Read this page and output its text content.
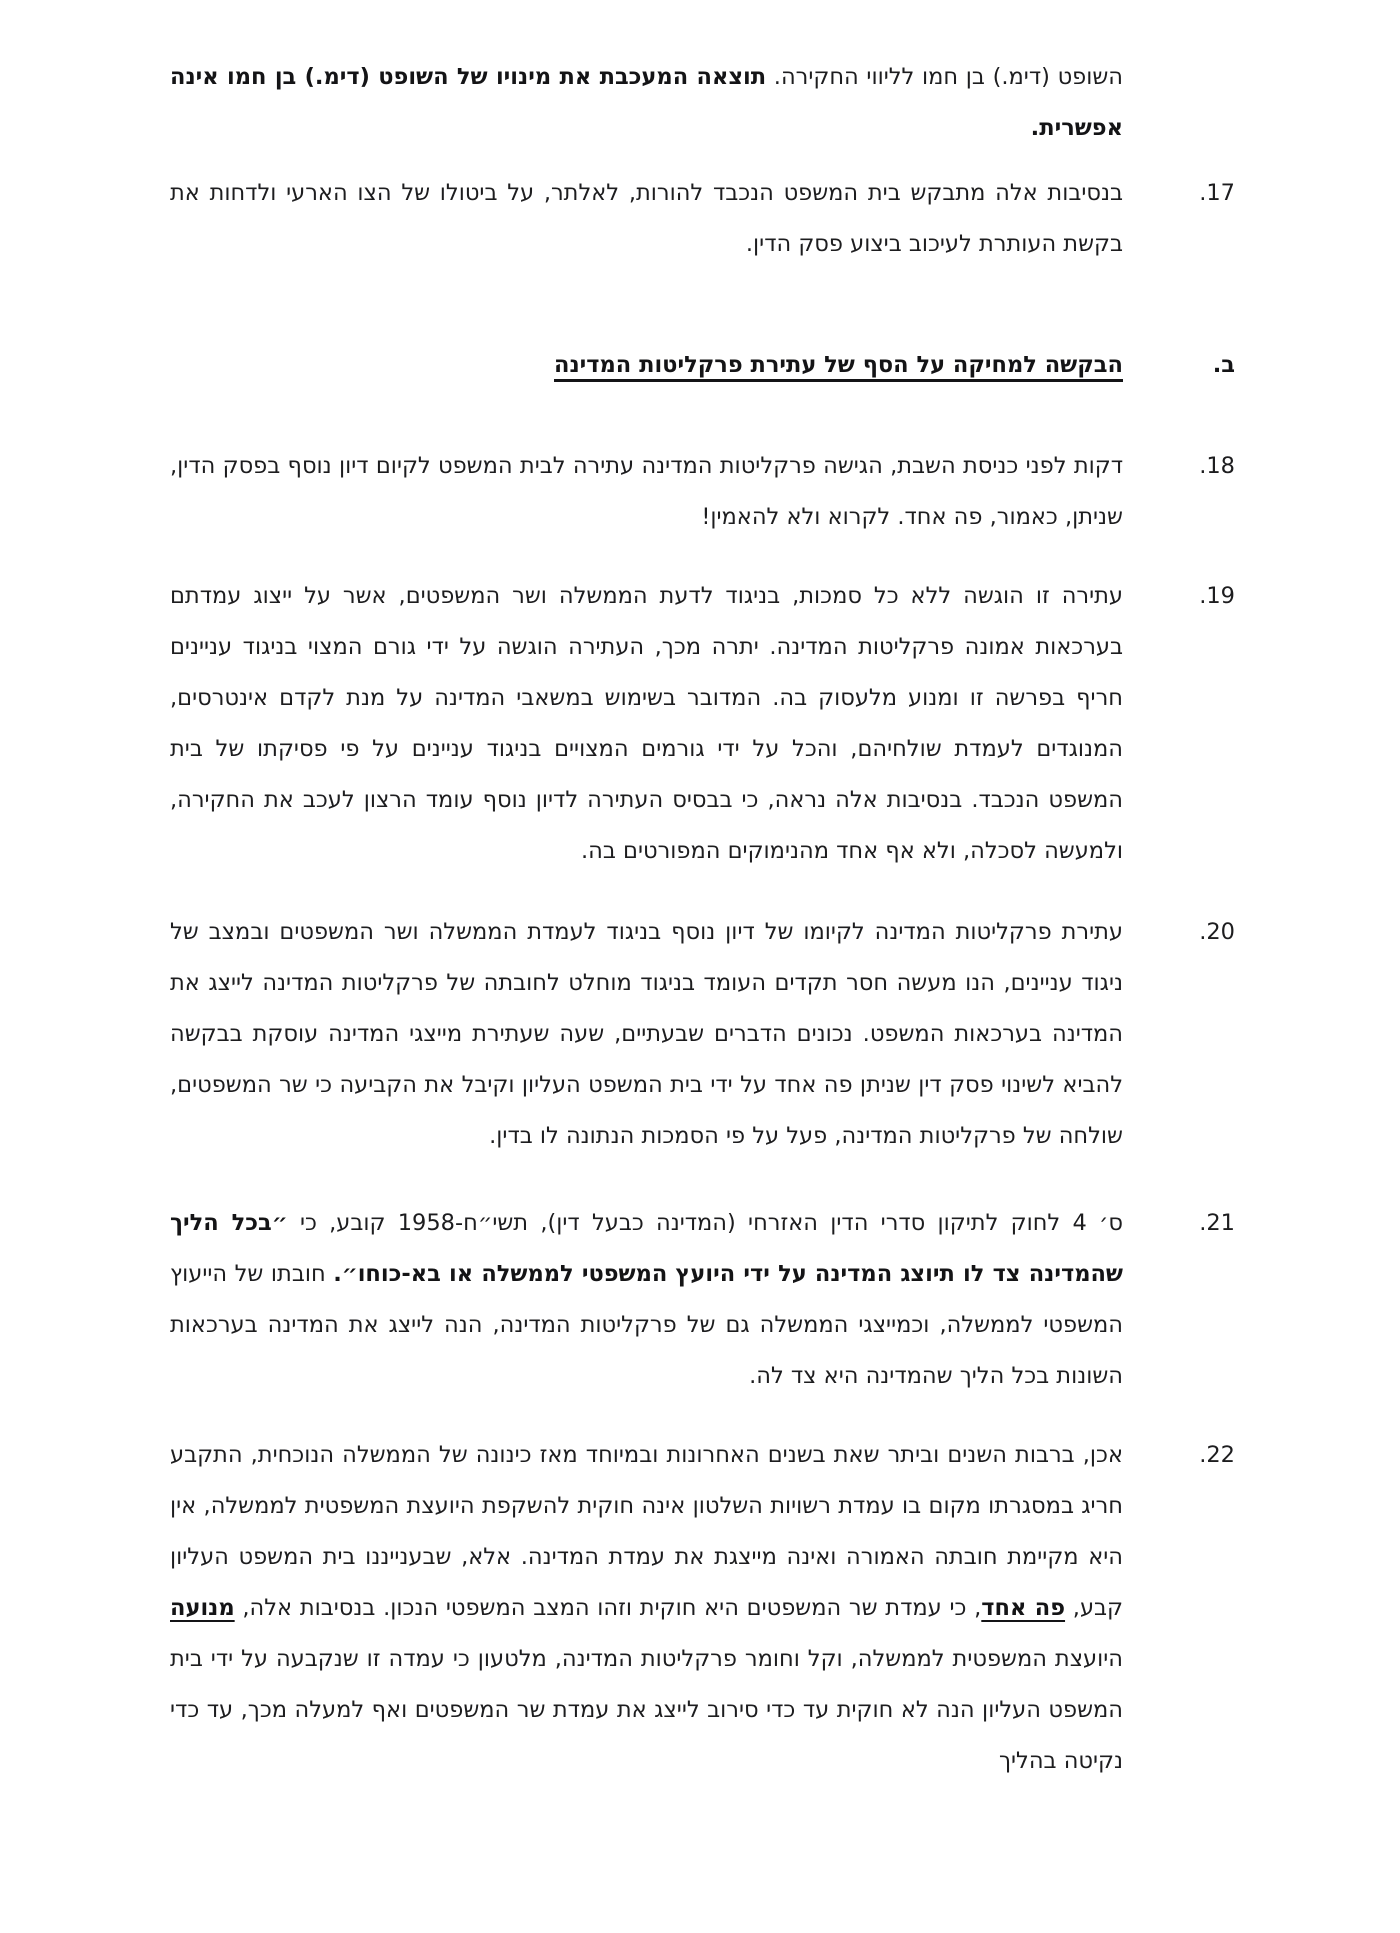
השופט (דימ.) בן חמו לליווי החקירה. תוצאה המעכבת את מינויו של השופט (דימ.) בן חמו אינה אפשרית.
17.
בנסיבות אלה מתבקש בית המשפט הנכבד להורות, לאלתר, על ביטולו של הצו הארעי ולדחות את בקשת העותרת לעיכוב ביצוע פסק הדין.
ב.
הבקשה למחיקה על הסף של עתירת פרקליטות המדינה
18.
דקות לפני כניסת השבת, הגישה פרקליטות המדינה עתירה לבית המשפט לקיום דיון נוסף בפסק הדין, שניתן, כאמור, פה אחד. לקרוא ולא להאמין!
19.
עתירה זו הוגשה ללא כל סמכות, בניגוד לדעת הממשלה ושר המשפטים, אשר על ייצוג עמדתם בערכאות אמונה פרקליטות המדינה. יתרה מכך, העתירה הוגשה על ידי גורם המצוי בניגוד עניינים חריף בפרשה זו ומנוע מלעסוק בה. המדובר בשימוש במשאבי המדינה על מנת לקדם אינטרסים, המנוגדים לעמדת שולחיהם, והכל על ידי גורמים המצויים בניגוד עניינים על פי פסיקתו של בית המשפט הנכבד. בנסיבות אלה נראה, כי בבסיס העתירה לדיון נוסף עומד הרצון לעכב את החקירה, ולמעשה לסכלה, ולא אף אחד מהנימוקים המפורטים בה.
20.
עתירת פרקליטות המדינה לקיומו של דיון נוסף בניגוד לעמדת הממשלה ושר המשפטים ובמצב של ניגוד עניינים, הנו מעשה חסר תקדים העומד בניגוד מוחלט לחובתה של פרקליטות המדינה לייצג את המדינה בערכאות המשפט. נכונים הדברים שבעתיים, שעה שעתירת מייצגי המדינה עוסקת בבקשה להביא לשינוי פסק דין שניתן פה אחד על ידי בית המשפט העליון וקיבל את הקביעה כי שר המשפטים, שולחה של פרקליטות המדינה, פעל על פי הסמכות הנתונה לו בדין.
21.
ס׳ 4 לחוק לתיקון סדרי הדין האזרחי (המדינה כבעל דין), תשי״ח-1958 קובע, כי ״בכל הליך שהמדינה צד לו תיוצג המדינה על ידי היועץ המשפטי לממשלה או בא-כוחו״. חובתו של הייעוץ המשפטי לממשלה, וכמייצגי הממשלה גם של פרקליטות המדינה, הנה לייצג את המדינה בערכאות השונות בכל הליך שהמדינה היא צד לה.
22.
אכן, ברבות השנים וביתר שאת בשנים האחרונות ובמיוחד מאז כינונה של הממשלה הנוכחית, התקבע חריג במסגרתו מקום בו עמדת רשויות השלטון אינה חוקית להשקפת היועצת המשפטית לממשלה, אין היא מקיימת חובתה האמורה ואינה מייצגת את עמדת המדינה. אלא, שבענייננו בית המשפט העליון קבע, פה אחד, כי עמדת שר המשפטים היא חוקית וזהו המצב המשפטי הנכון. בנסיבות אלה, מנועה היועצת המשפטית לממשלה, וקל וחומר פרקליטות המדינה, מלטעון כי עמדה זו שנקבעה על ידי בית המשפט העליון הנה לא חוקית עד כדי סירוב לייצג את עמדת שר המשפטים ואף למעלה מכך, עד כדי נקיטה בהליך
